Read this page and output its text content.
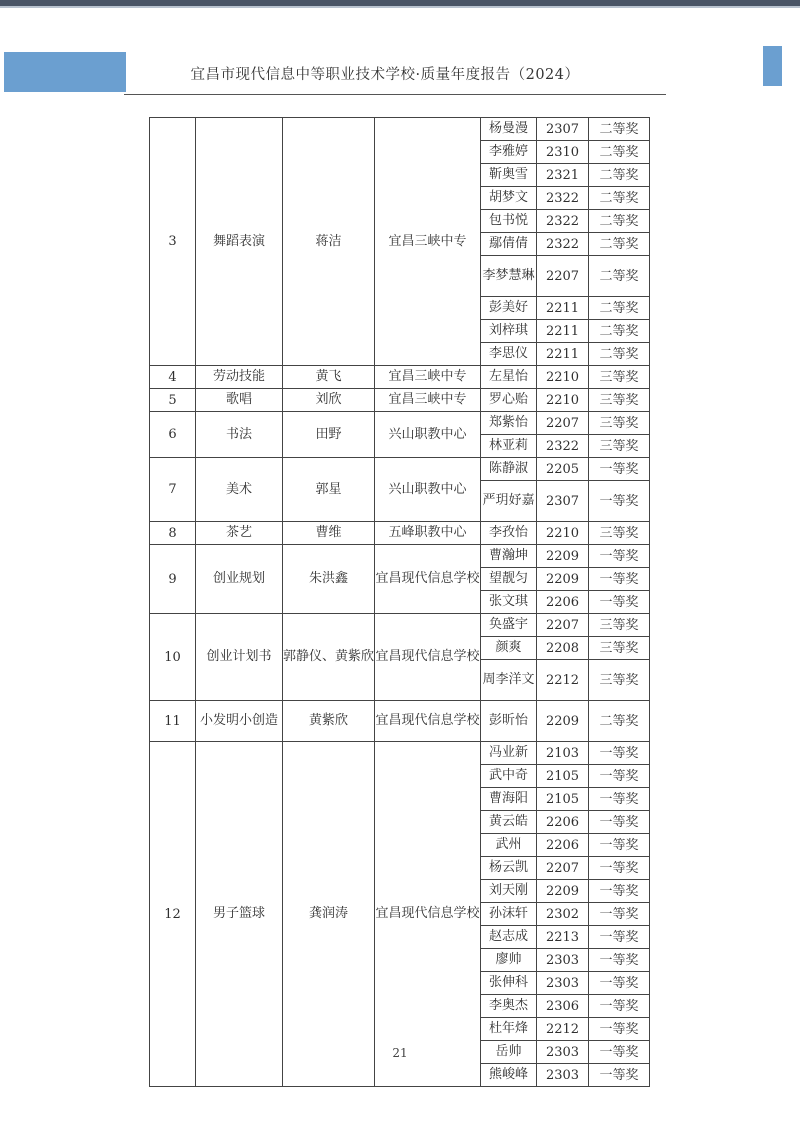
宜昌市现代信息中等职业技术学校·质量年度报告（2024）
3	舞蹈表演	蒋洁	宜昌三峡中专	杨曼漫	2307	二等奖
				李雅婷	2310	二等奖
				靳奥雪	2321	二等奖
				胡梦文	2322	二等奖
				包书悦	2322	二等奖
				鄢倩倩	2322	二等奖
				李梦慧琳	2207	二等奖
				彭美好	2211	二等奖
				刘梓琪	2211	二等奖
				李思仪	2211	二等奖
4	劳动技能	黄飞	宜昌三峡中专	左星怡	2210	三等奖
5	歌唱	刘欣	宜昌三峡中专	罗心贻	2210	三等奖
6	书法	田野	兴山职教中心	郑紫怡	2207	三等奖
				林亚莉	2322	三等奖
7	美术	郭星	兴山职教中心	陈静淑	2205	一等奖
				严玥妤嘉	2307	一等奖
8	茶艺	曹维	五峰职教中心	李孜怡	2210	三等奖
9	创业规划	朱洪鑫	宜昌现代信息学校	曹瀚坤	2209	一等奖
				望靓匀	2209	一等奖
				张文琪	2206	一等奖
10	创业计划书	郭静仪、黄紫欣	宜昌现代信息学校	奂盛宇	2207	三等奖
				颜爽	2208	三等奖
				周李洋文	2212	三等奖
11	小发明小创造	黄紫欣	宜昌现代信息学校	彭昕怡	2209	二等奖
12	男子篮球	龚润涛	宜昌现代信息学校	冯业新	2103	一等奖
				武中奇	2105	一等奖
				曹海阳	2105	一等奖
				黄云皓	2206	一等奖
				武州	2206	一等奖
				杨云凯	2207	一等奖
				刘天刚	2209	一等奖
				孙沫轩	2302	一等奖
				赵志成	2213	一等奖
				廖帅	2303	一等奖
				张伸科	2303	一等奖
				李奥杰	2306	一等奖
				杜年烽	2212	一等奖
				岳帅	2303	一等奖
				熊峻峰	2303	一等奖
21
